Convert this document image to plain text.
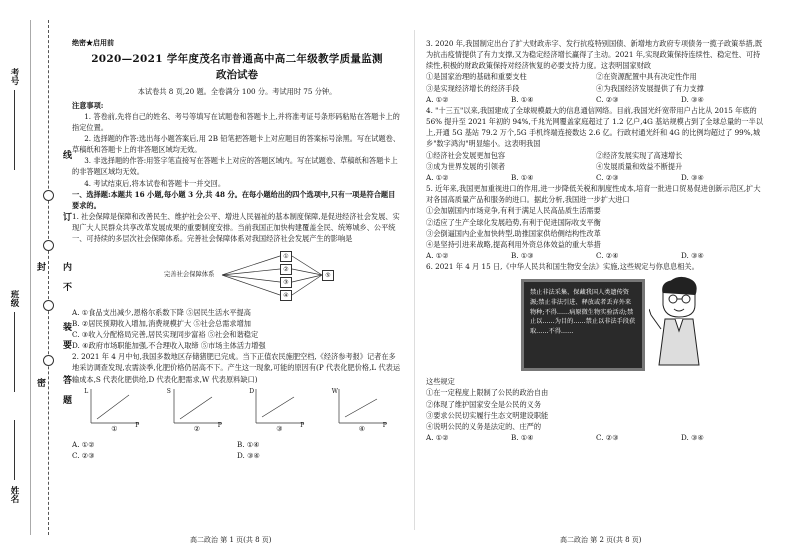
考号
班级
姓名
线
订
内
不
装
要
答
题
封
密
绝密★启用前
2020—2021 学年度茂名市普通高中高二年级教学质量监测
政治试卷
本试卷共 8 页,20 题。全卷满分 100 分。考试用时 75 分钟。

注意事项:

1. 答卷前,先将自己的姓名、考号等填写在试题卷和答题卡上,并将准考证号条形码粘贴在答题卡上的指定位置。

2. 选择题的作答:选出每小题答案后,用 2B 铅笔把答题卡上对应题目的答案标号涂黑。写在试题卷、草稿纸和答题卡上的非答题区域均无效。

3. 非选择题的作答:用签字笔直接写在答题卡上对应的答题区域内。写在试题卷、草稿纸和答题卡上的非答题区域均无效。

4. 考试结束后,将本试卷和答题卡一并交回。

一、选择题:本题共 16 小题,每小题 3 分,共 48 分。在每小题给出的四个选项中,只有一项是符合题目要求的。

1. 社会保障是保障和改善民生、维护社会公平、增进人民福祉的基本制度保障,是促进经济社会发展、实现广大人民群众共享改革发展成果的重要制度安排。当前我国正加快构建覆盖全民、统筹城乡、公平统一、可持续的多层次社会保障体系。完善社会保障体系对我国经济社会发展产生的影响是

完善社会保障体系
①
②
③
④
⑤

A. ①食品支出减少,恩格尔系数下降 ⑤居民生活水平提高

B. ②居民预期收入增加,消费规模扩大 ⑤社会总需求增加

C. ③收入分配格局完善,居民实现同步富裕 ⑤社会和谐稳定

D. ④政府市场职能加强,不合理收入取缔 ⑤市场主体活力增强

2. 2021 年 4 月中旬,我国多数地区存储猪肥已完成。当下正值农民施肥空档,《经济参考报》记者在多地采访调查发现,农需淡季,化肥价格仍居高不下。产生这一现象,可能的原因有(P 代表化肥价格,L 代表运输成本,S 代表化肥供给,D 代表化肥需求,W 代表原料缺口)

L
P
①
S
P
②
D
P
③
W
P
④
A. ①②	B. ①④
C. ②③	D. ③④
高二政治 第 1 页(共 8 页)

3. 2020 年,我国制定出台了扩大财政赤字、发行抗疫特别国债、新增地方政府专项债务一揽子政策举措,既为抗击疫情提供了有力支撑,又为稳定经济增长赢得了主动。2021 年,实现政策保持连续性、稳定性、可持续性,积极的财政政策保持对经济恢复的必要支持力度。这表明国家财政

①是国家治理的基础和重要支柱	②在资源配置中具有决定性作用
③是实现经济增长的经济手段	④为我国经济发展提供了有力支撑
A. ①②	B. ①④	C. ②③	D. ③④

4. "十三五"以来,我国建成了全球规模最大的信息通信网络。目前,我国光纤宽带用户占比从 2015 年底的 56% 提升至 2021 年初的 94%,千兆光网覆盖家庭超过了 1.2 亿户,4G 基站规模占到了全球总量的一半以上,开通 5G 基站 79.2 万个,5G 手机终端连接数达 2.6 亿。行政村通光纤和 4G 的比例均超过了 99%,城乡"数字鸿沟"明显缩小。这表明我国

①经济社会发展更加包容	②经济发展实现了高速增长
③成为世界发展的引领者	④发展质量和效益不断提升
A. ①②	B. ①④	C. ②③	D. ③④

5. 近年来,我国更加重视进口的作用,进一步降低关税和制度性成本,培育一批进口贸易促进创新示范区,扩大对各国高质量产品和服务的进口。据此分析,我国进一步扩大进口

①会加剧国内市场竞争,有利于满足人民高品质生活需要

②适应了生产全球化发展趋势,有利于促进国际收支平衡

③会倒逼国内企业加快转型,助推国家供给侧结构性改革

④是坚持引进来战略,提高利用外资总体效益的重大举措

A. ①②	B. ①③	C. ②④	D. ③④

6. 2021 年 4 月 15 日,《中华人民共和国生物安全法》实施,这些规定与你息息相关。

禁止非法采集、保藏我国人类遗传资源;禁止非法引进、释放或者丢弃外来物种;不得……病原微生物实验活动;禁止以……为目的……禁止以非法手段获取……不得……

这些规定

①在一定程度上限制了公民的政治自由

②体现了维护国家安全是公民的义务

③要求公民切实履行生态文明建设职能

④说明公民的义务是法定的、庄严的

A. ①②	B. ①④	C. ②③	D. ③④
高二政治 第 2 页(共 8 页)
